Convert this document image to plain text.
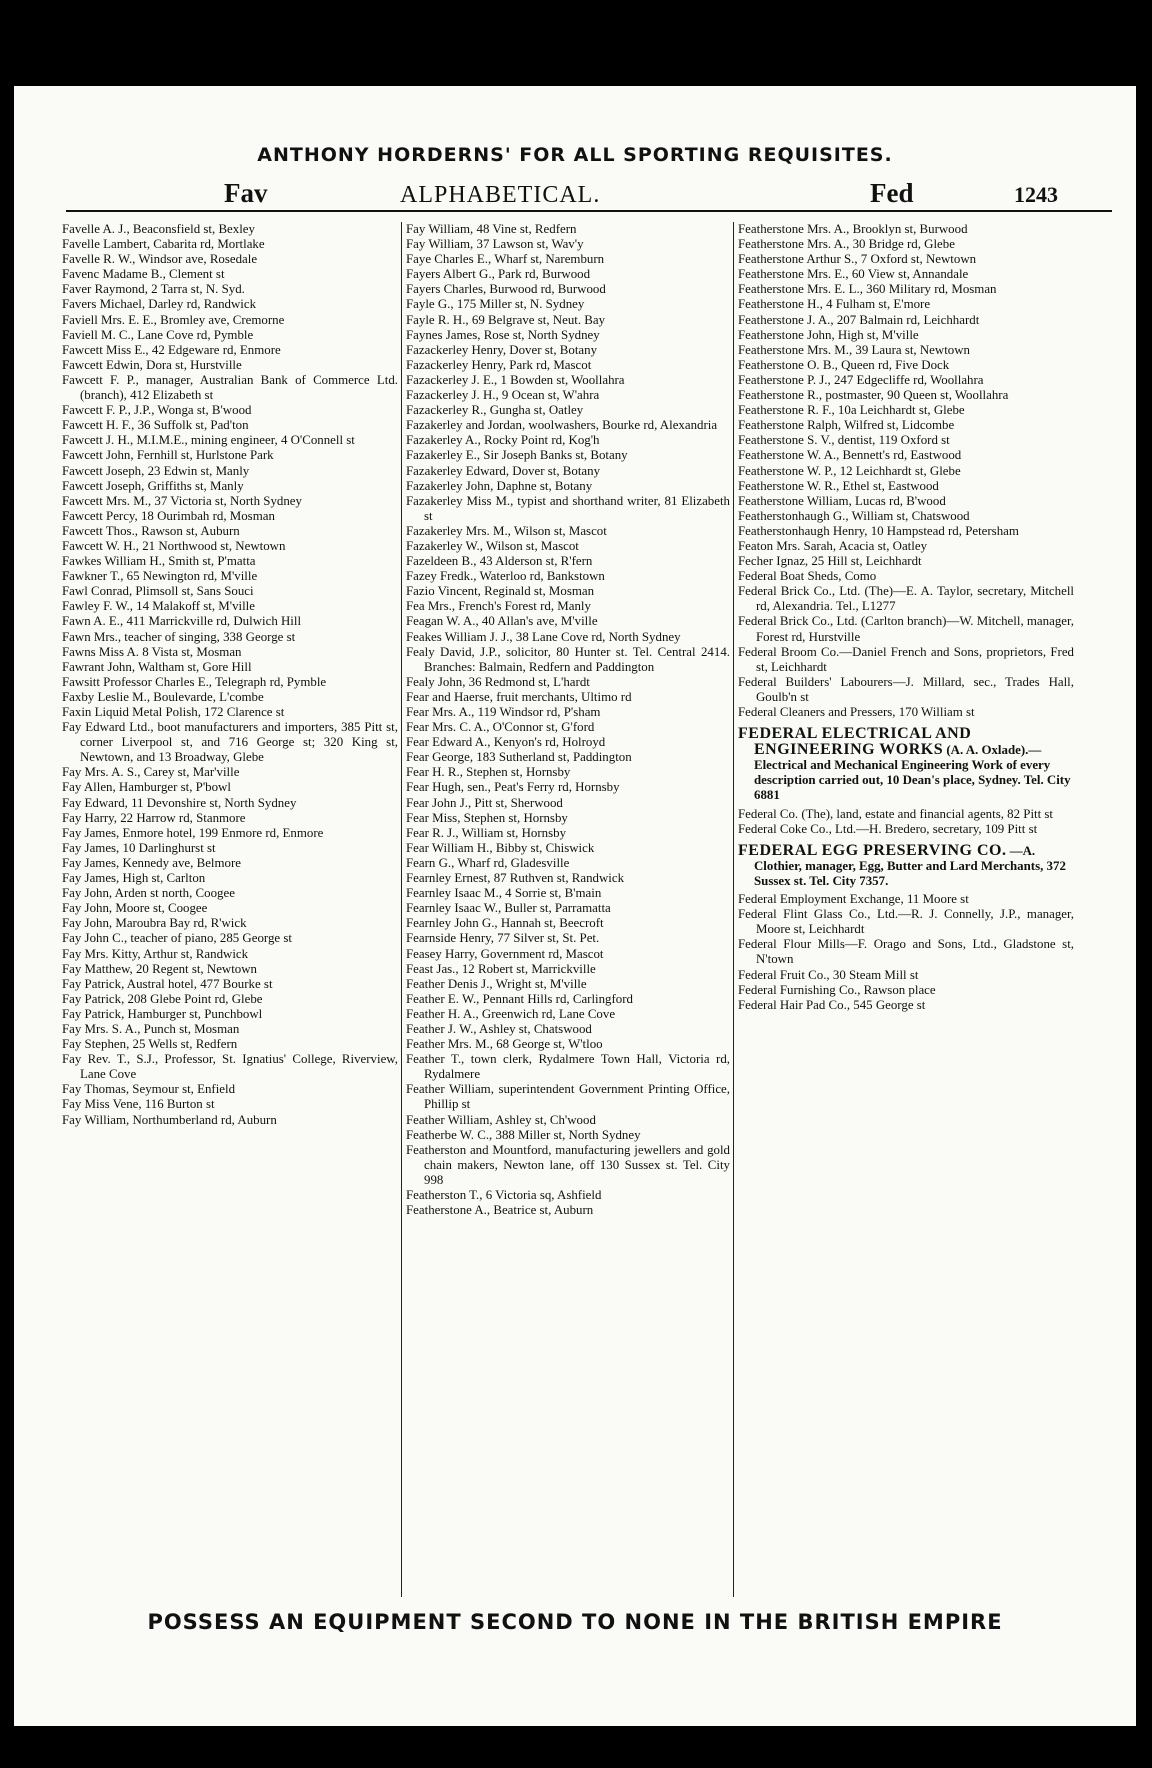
ANTHONY HORDERNS' FOR ALL SPORTING REQUISITES.
Fav	ALPHABETICAL.	Fed	1243

Favelle A. J., Beaconsfield st, Bexley

Favelle Lambert, Cabarita rd, Mortlake

Favelle R. W., Windsor ave, Rosedale

Favenc Madame B., Clement st

Faver Raymond, 2 Tarra st, N. Syd.

Favers Michael, Darley rd, Randwick

Faviell Mrs. E. E., Bromley ave, Cremorne

Faviell M. C., Lane Cove rd, Pymble

Fawcett Miss E., 42 Edgeware rd, Enmore

Fawcett Edwin, Dora st, Hurstville

Fawcett F. P., manager, Australian Bank of Commerce Ltd. (branch), 412 Elizabeth st

Fawcett F. P., J.P., Wonga st, B'wood

Fawcett H. F., 36 Suffolk st, Pad'ton

Fawcett J. H., M.I.M.E., mining engineer, 4 O'Connell st

Fawcett John, Fernhill st, Hurlstone Park

Fawcett Joseph, 23 Edwin st, Manly

Fawcett Joseph, Griffiths st, Manly

Fawcett Mrs. M., 37 Victoria st, North Sydney

Fawcett Percy, 18 Ourimbah rd, Mosman

Fawcett Thos., Rawson st, Auburn

Fawcett W. H., 21 Northwood st, Newtown

Fawkes William H., Smith st, P'matta

Fawkner T., 65 Newington rd, M'ville

Fawl Conrad, Plimsoll st, Sans Souci

Fawley F. W., 14 Malakoff st, M'ville

Fawn A. E., 411 Marrickville rd, Dulwich Hill

Fawn Mrs., teacher of singing, 338 George st

Fawns Miss A. 8 Vista st, Mosman

Fawrant John, Waltham st, Gore Hill

Fawsitt Professor Charles E., Telegraph rd, Pymble

Faxby Leslie M., Boulevarde, L'combe

Faxin Liquid Metal Polish, 172 Clarence st

Fay Edward Ltd., boot manufacturers and importers, 385 Pitt st, corner Liverpool st, and 716 George st; 320 King st, Newtown, and 13 Broadway, Glebe

Fay Mrs. A. S., Carey st, Mar'ville

Fay Allen, Hamburger st, P'bowl

Fay Edward, 11 Devonshire st, North Sydney

Fay Harry, 22 Harrow rd, Stanmore

Fay James, Enmore hotel, 199 Enmore rd, Enmore

Fay James, 10 Darlinghurst st

Fay James, Kennedy ave, Belmore

Fay James, High st, Carlton

Fay John, Arden st north, Coogee

Fay John, Moore st, Coogee

Fay John, Maroubra Bay rd, R'wick

Fay John C., teacher of piano, 285 George st

Fay Mrs. Kitty, Arthur st, Randwick

Fay Matthew, 20 Regent st, Newtown

Fay Patrick, Austral hotel, 477 Bourke st

Fay Patrick, 208 Glebe Point rd, Glebe

Fay Patrick, Hamburger st, Punchbowl

Fay Mrs. S. A., Punch st, Mosman

Fay Stephen, 25 Wells st, Redfern

Fay Rev. T., S.J., Professor, St. Ignatius' College, Riverview, Lane Cove

Fay Thomas, Seymour st, Enfield

Fay Miss Vene, 116 Burton st

Fay William, Northumberland rd, Auburn

Fay William, 48 Vine st, Redfern

Fay William, 37 Lawson st, Wav'y

Faye Charles E., Wharf st, Naremburn

Fayers Albert G., Park rd, Burwood

Fayers Charles, Burwood rd, Burwood

Fayle G., 175 Miller st, N. Sydney

Fayle R. H., 69 Belgrave st, Neut. Bay

Faynes James, Rose st, North Sydney

Fazackerley Henry, Dover st, Botany

Fazackerley Henry, Park rd, Mascot

Fazackerley J. E., 1 Bowden st, Woollahra

Fazackerley J. H., 9 Ocean st, W'ahra

Fazackerley R., Gungha st, Oatley

Fazakerley and Jordan, woolwashers, Bourke rd, Alexandria

Fazakerley A., Rocky Point rd, Kog'h

Fazakerley E., Sir Joseph Banks st, Botany

Fazakerley Edward, Dover st, Botany

Fazakerley John, Daphne st, Botany

Fazakerley Miss M., typist and shorthand writer, 81 Elizabeth st

Fazakerley Mrs. M., Wilson st, Mascot

Fazakerley W., Wilson st, Mascot

Fazeldeen B., 43 Alderson st, R'fern

Fazey Fredk., Waterloo rd, Bankstown

Fazio Vincent, Reginald st, Mosman

Fea Mrs., French's Forest rd, Manly

Feagan W. A., 40 Allan's ave, M'ville

Feakes William J. J., 38 Lane Cove rd, North Sydney

Fealy David, J.P., solicitor, 80 Hunter st. Tel. Central 2414. Branches: Balmain, Redfern and Paddington

Fealy John, 36 Redmond st, L'hardt

Fear and Haerse, fruit merchants, Ultimo rd

Fear Mrs. A., 119 Windsor rd, P'sham

Fear Mrs. C. A., O'Connor st, G'ford

Fear Edward A., Kenyon's rd, Holroyd

Fear George, 183 Sutherland st, Paddington

Fear H. R., Stephen st, Hornsby

Fear Hugh, sen., Peat's Ferry rd, Hornsby

Fear John J., Pitt st, Sherwood

Fear Miss, Stephen st, Hornsby

Fear R. J., William st, Hornsby

Fear William H., Bibby st, Chiswick

Fearn G., Wharf rd, Gladesville

Fearnley Ernest, 87 Ruthven st, Randwick

Fearnley Isaac M., 4 Sorrie st, B'main

Fearnley Isaac W., Buller st, Parramatta

Fearnley John G., Hannah st, Beecroft

Fearnside Henry, 77 Silver st, St. Pet.

Feasey Harry, Government rd, Mascot

Feast Jas., 12 Robert st, Marrickville

Feather Denis J., Wright st, M'ville

Feather E. W., Pennant Hills rd, Carlingford

Feather H. A., Greenwich rd, Lane Cove

Feather J. W., Ashley st, Chatswood

Feather Mrs. M., 68 George st, W'tloo

Feather T., town clerk, Rydalmere Town Hall, Victoria rd, Rydalmere

Feather William, superintendent Government Printing Office, Phillip st

Feather William, Ashley st, Ch'wood

Featherbe W. C., 388 Miller st, North Sydney

Featherston and Mountford, manufacturing jewellers and gold chain makers, Newton lane, off 130 Sussex st. Tel. City 998

Featherston T., 6 Victoria sq, Ashfield

Featherstone A., Beatrice st, Auburn

Featherstone Mrs. A., Brooklyn st, Burwood

Featherstone Mrs. A., 30 Bridge rd, Glebe

Featherstone Arthur S., 7 Oxford st, Newtown

Featherstone Mrs. E., 60 View st, Annandale

Featherstone Mrs. E. L., 360 Military rd, Mosman

Featherstone H., 4 Fulham st, E'more

Featherstone J. A., 207 Balmain rd, Leichhardt

Featherstone John, High st, M'ville

Featherstone Mrs. M., 39 Laura st, Newtown

Featherstone O. B., Queen rd, Five Dock

Featherstone P. J., 247 Edgecliffe rd, Woollahra

Featherstone R., postmaster, 90 Queen st, Woollahra

Featherstone R. F., 10a Leichhardt st, Glebe

Featherstone Ralph, Wilfred st, Lidcombe

Featherstone S. V., dentist, 119 Oxford st

Featherstone W. A., Bennett's rd, Eastwood

Featherstone W. P., 12 Leichhardt st, Glebe

Featherstone W. R., Ethel st, Eastwood

Featherstone William, Lucas rd, B'wood

Featherstonhaugh G., William st, Chatswood

Featherstonhaugh Henry, 10 Hampstead rd, Petersham

Featon Mrs. Sarah, Acacia st, Oatley

Fecher Ignaz, 25 Hill st, Leichhardt

Federal Boat Sheds, Como

Federal Brick Co., Ltd. (The)—E. A. Taylor, secretary, Mitchell rd, Alexandria. Tel., L1277

Federal Brick Co., Ltd. (Carlton branch)—W. Mitchell, manager, Forest rd, Hurstville

Federal Broom Co.—Daniel French and Sons, proprietors, Fred st, Leichhardt

Federal Builders' Labourers—J. Millard, sec., Trades Hall, Goulb'n st

Federal Cleaners and Pressers, 170 William st

FEDERAL ELECTRICAL AND ENGINEERING WORKS (A. A. Oxlade).—Electrical and Mechanical Engineering Work of every description carried out, 10 Dean's place, Sydney. Tel. City 6881

Federal Co. (The), land, estate and financial agents, 82 Pitt st

Federal Coke Co., Ltd.—H. Bredero, secretary, 109 Pitt st

FEDERAL EGG PRESERVING CO. —A. Clothier, manager, Egg, Butter and Lard Merchants, 372 Sussex st. Tel. City 7357.

Federal Employment Exchange, 11 Moore st

Federal Flint Glass Co., Ltd.—R. J. Connelly, J.P., manager, Moore st, Leichhardt

Federal Flour Mills—F. Orago and Sons, Ltd., Gladstone st, N'town

Federal Fruit Co., 30 Steam Mill st

Federal Furnishing Co., Rawson place

Federal Hair Pad Co., 545 George st

POSSESS AN EQUIPMENT SECOND TO NONE IN THE BRITISH EMPIRE
